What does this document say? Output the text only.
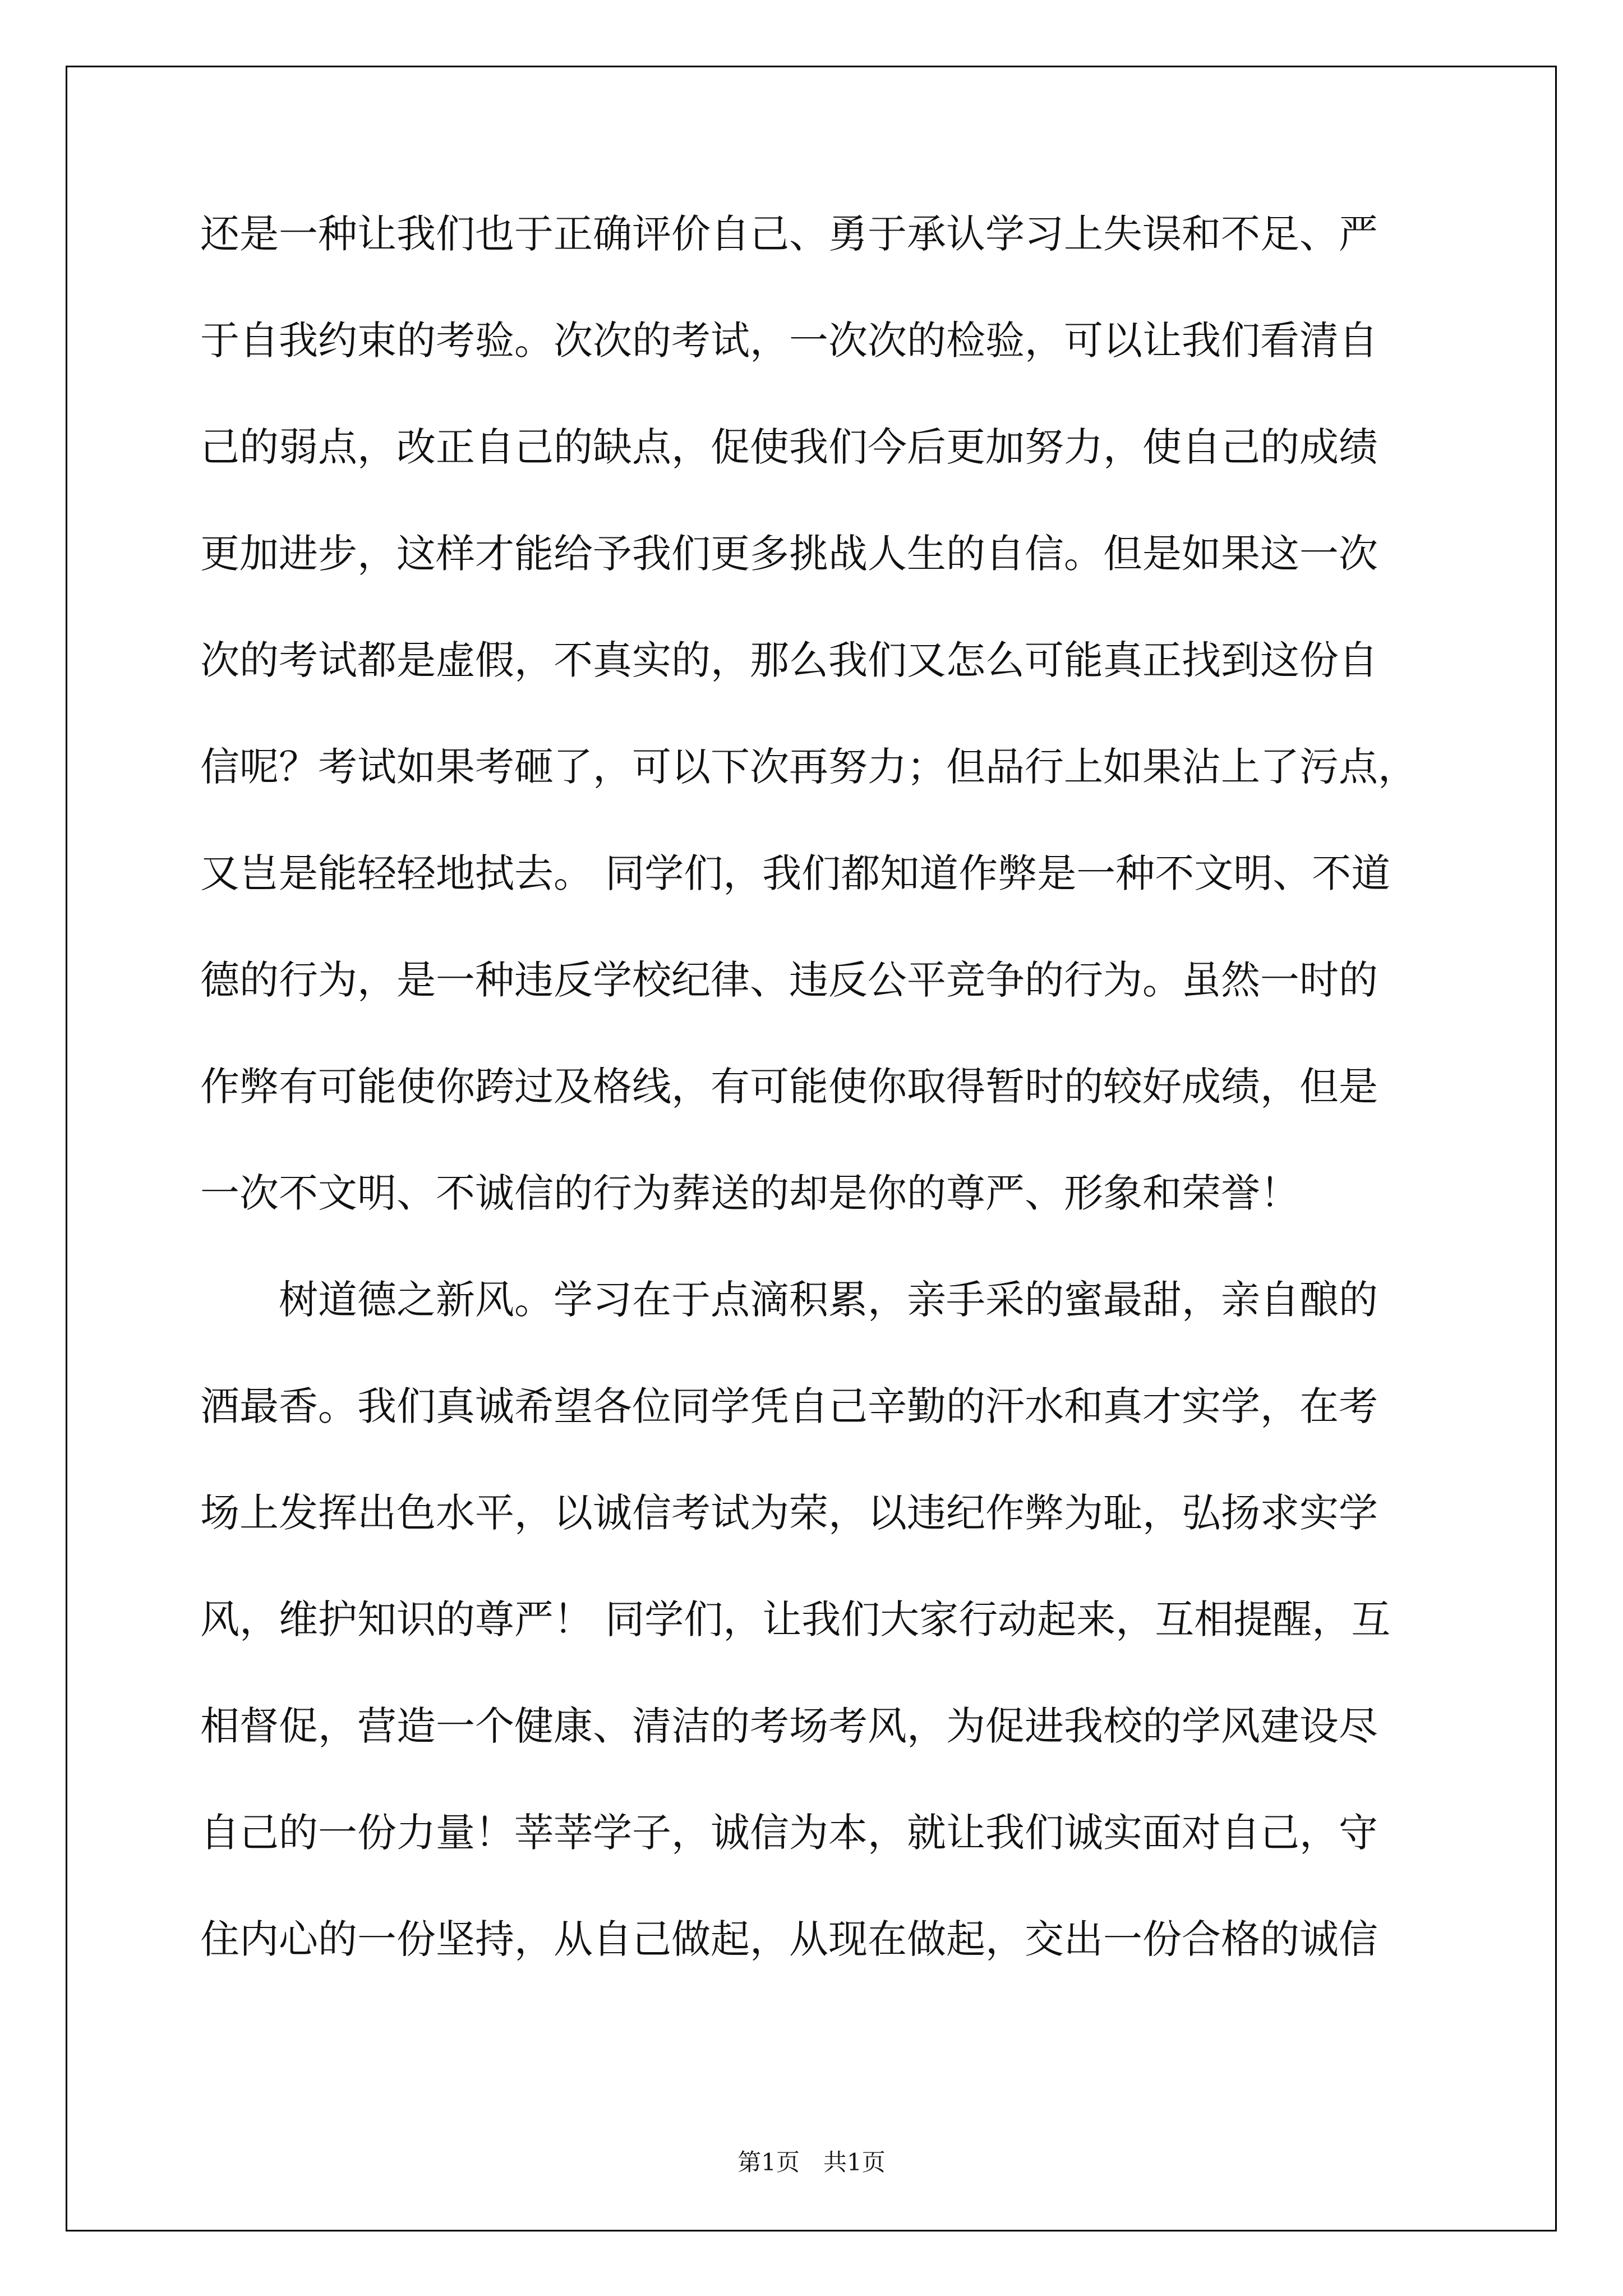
还是一种让我们也于正确评价自己、勇于承认学习上失误和不足、严
于自我约束的考验。次次的考试，一次次的检验，可以让我们看清自
己的弱点，改正自己的缺点，促使我们今后更加努力，使自己的成绩
更加进步，这样才能给予我们更多挑战人生的自信。但是如果这一次
次的考试都是虚假，不真实的，那么我们又怎么可能真正找到这份自
信呢？考试如果考砸了，可以下次再努力；但品行上如果沾上了污点，
又岂是能轻轻地拭去。 同学们，我们都知道作弊是一种不文明、不道
德的行为，是一种违反学校纪律、违反公平竞争的行为。虽然一时的
作弊有可能使你跨过及格线，有可能使你取得暂时的较好成绩，但是
一次不文明、不诚信的行为葬送的却是你的尊严、形象和荣誉！
树道德之新风。学习在于点滴积累，亲手采的蜜最甜，亲自酿的
酒最香。我们真诚希望各位同学凭自己辛勤的汗水和真才实学，在考
场上发挥出色水平，以诚信考试为荣，以违纪作弊为耻，弘扬求实学
风，维护知识的尊严！ 同学们，让我们大家行动起来，互相提醒，互
相督促，营造一个健康、清洁的考场考风，为促进我校的学风建设尽
自己的一份力量！莘莘学子，诚信为本，就让我们诚实面对自己，守
住内心的一份坚持，从自己做起，从现在做起，交出一份合格的诚信
第1页　共1页
